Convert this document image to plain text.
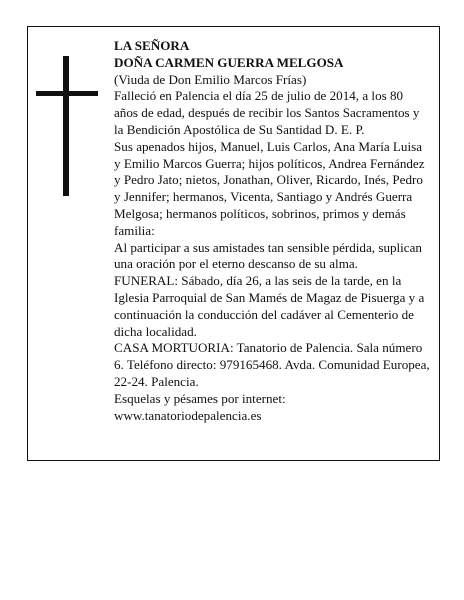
LA SEÑORA

DOÑA CARMEN GUERRA MELGOSA

(Viuda de Don Emilio Marcos Frías)

Falleció en Palencia el día 25 de julio de 2014, a los 80 años de edad, después de recibir los Santos Sacramentos y la Bendición Apostólica de Su Santidad D. E. P.

Sus apenados hijos, Manuel, Luis Carlos, Ana María Luisa y Emilio Marcos Guerra; hijos políticos, Andrea Fernández y Pedro Jato; nietos, Jonathan, Oliver, Ricardo, Inés, Pedro y Jennifer; hermanos, Vicenta, Santiago y Andrés Guerra Melgosa; hermanos políticos, sobrinos, primos y demás familia:

Al participar a sus amistades tan sensible pérdida, suplican una oración por el eterno descanso de su alma.

FUNERAL: Sábado, día 26, a las seis de la tarde, en la Iglesia Parroquial de San Mamés de Magaz de Pisuerga y a continuación la conducción del cadáver al Cementerio de dicha localidad.

CASA MORTUORIA: Tanatorio de Palencia. Sala número 6. Teléfono directo: 979165468. Avda. Comunidad Europea, 22-24. Palencia.

Esquelas y pésames por internet:

www.tanatoriodepalencia.es
